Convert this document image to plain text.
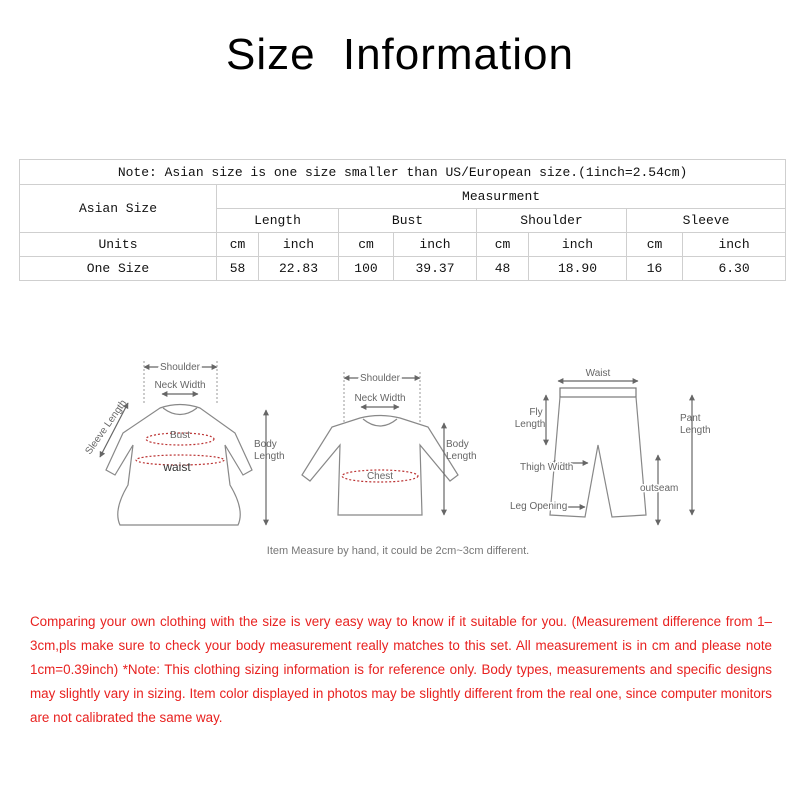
Size Information
Note: Asian size is one size smaller than US/European size.(1inch=2.54cm)								
Asian Size	Measurment							
	Length		Bust		Shoulder		Sleeve	
Units	cm	inch	cm	inch	cm	inch	cm	inch
One Size	58	22.83	100	39.37	48	18.90	16	6.30
Shoulder
Neck Width
Sleeve Length	Bust
waist
Body
Length
Shoulder
Neck Width
Chest
Body
Length
Waist
Fly
Length
Pant
Length
Thigh Width
outseam
Leg Opening
Item Measure by hand, it could be 2cm~3cm different.
Comparing your own clothing with the size is very easy way to know if it suitable for you. (Measurement difference from 1– 3cm,pls make sure to check your body measurement really matches to this set. All measurement is in cm and please note 1cm=0.39inch) *Note: This clothing sizing information is for reference only. Body types, measurements and specific designs may slightly vary in sizing. Item color displayed in photos may be slightly different from the real one, since computer monitors are not calibrated the same way.
